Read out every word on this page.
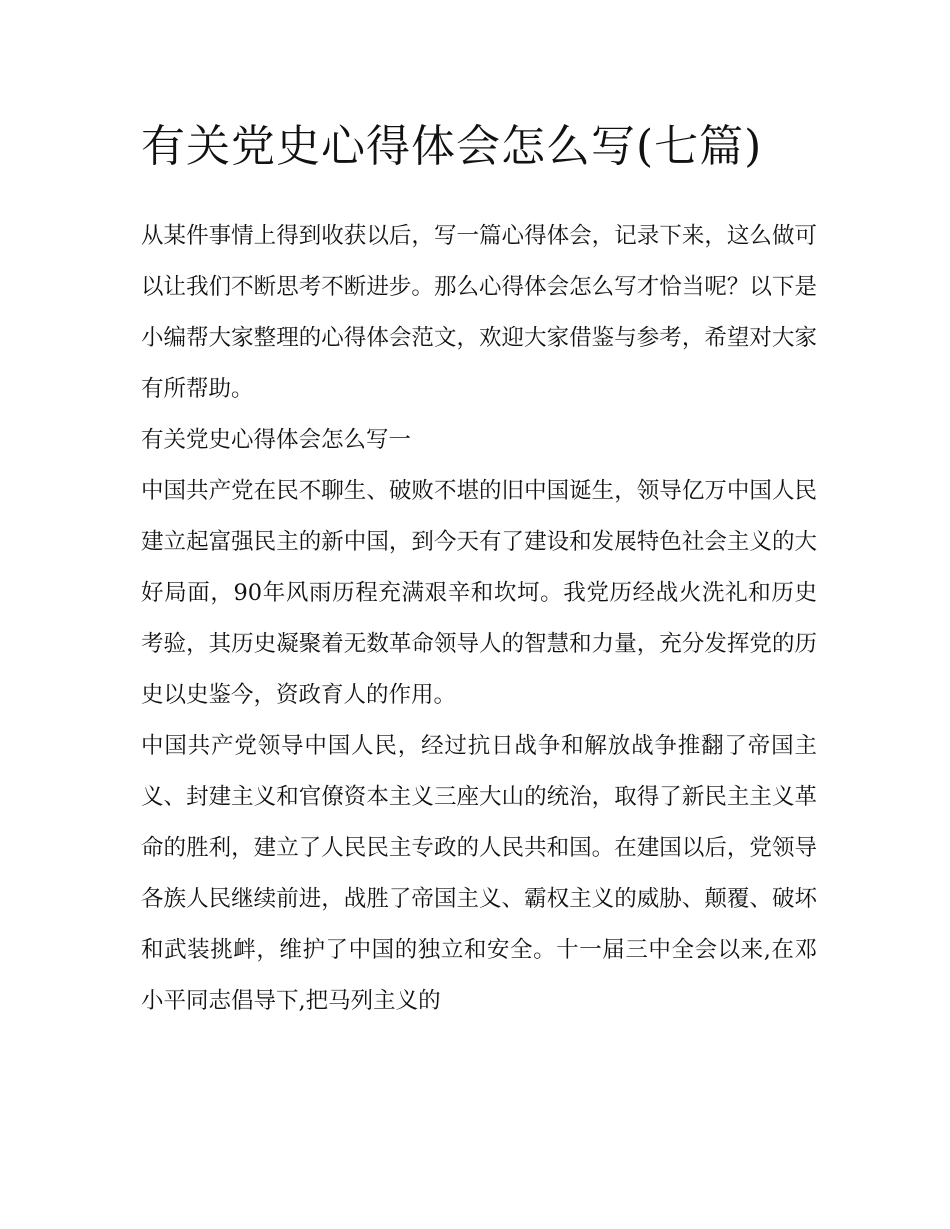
有关党史心得体会怎么写(七篇)

从某件事情上得到收获以后，写一篇心得体会，记录下来，这么做可以让我们不断思考不断进步。那么心得体会怎么写才恰当呢？以下是小编帮大家整理的心得体会范文，欢迎大家借鉴与参考，希望对大家有所帮助。

有关党史心得体会怎么写一

中国共产党在民不聊生、破败不堪的旧中国诞生，领导亿万中国人民建立起富强民主的新中国，到今天有了建设和发展特色社会主义的大好局面，90年风雨历程充满艰辛和坎坷。我党历经战火洗礼和历史考验，其历史凝聚着无数革命领导人的智慧和力量，充分发挥党的历史以史鉴今，资政育人的作用。

中国共产党领导中国人民，经过抗日战争和解放战争推翻了帝国主义、封建主义和官僚资本主义三座大山的统治，取得了新民主主义革命的胜利，建立了人民民主专政的人民共和国。在建国以后，党领导各族人民继续前进，战胜了帝国主义、霸权主义的威胁、颠覆、破坏和武装挑衅，维护了中国的独立和安全。十一届三中全会以来,在邓小平同志倡导下,把马列主义的
